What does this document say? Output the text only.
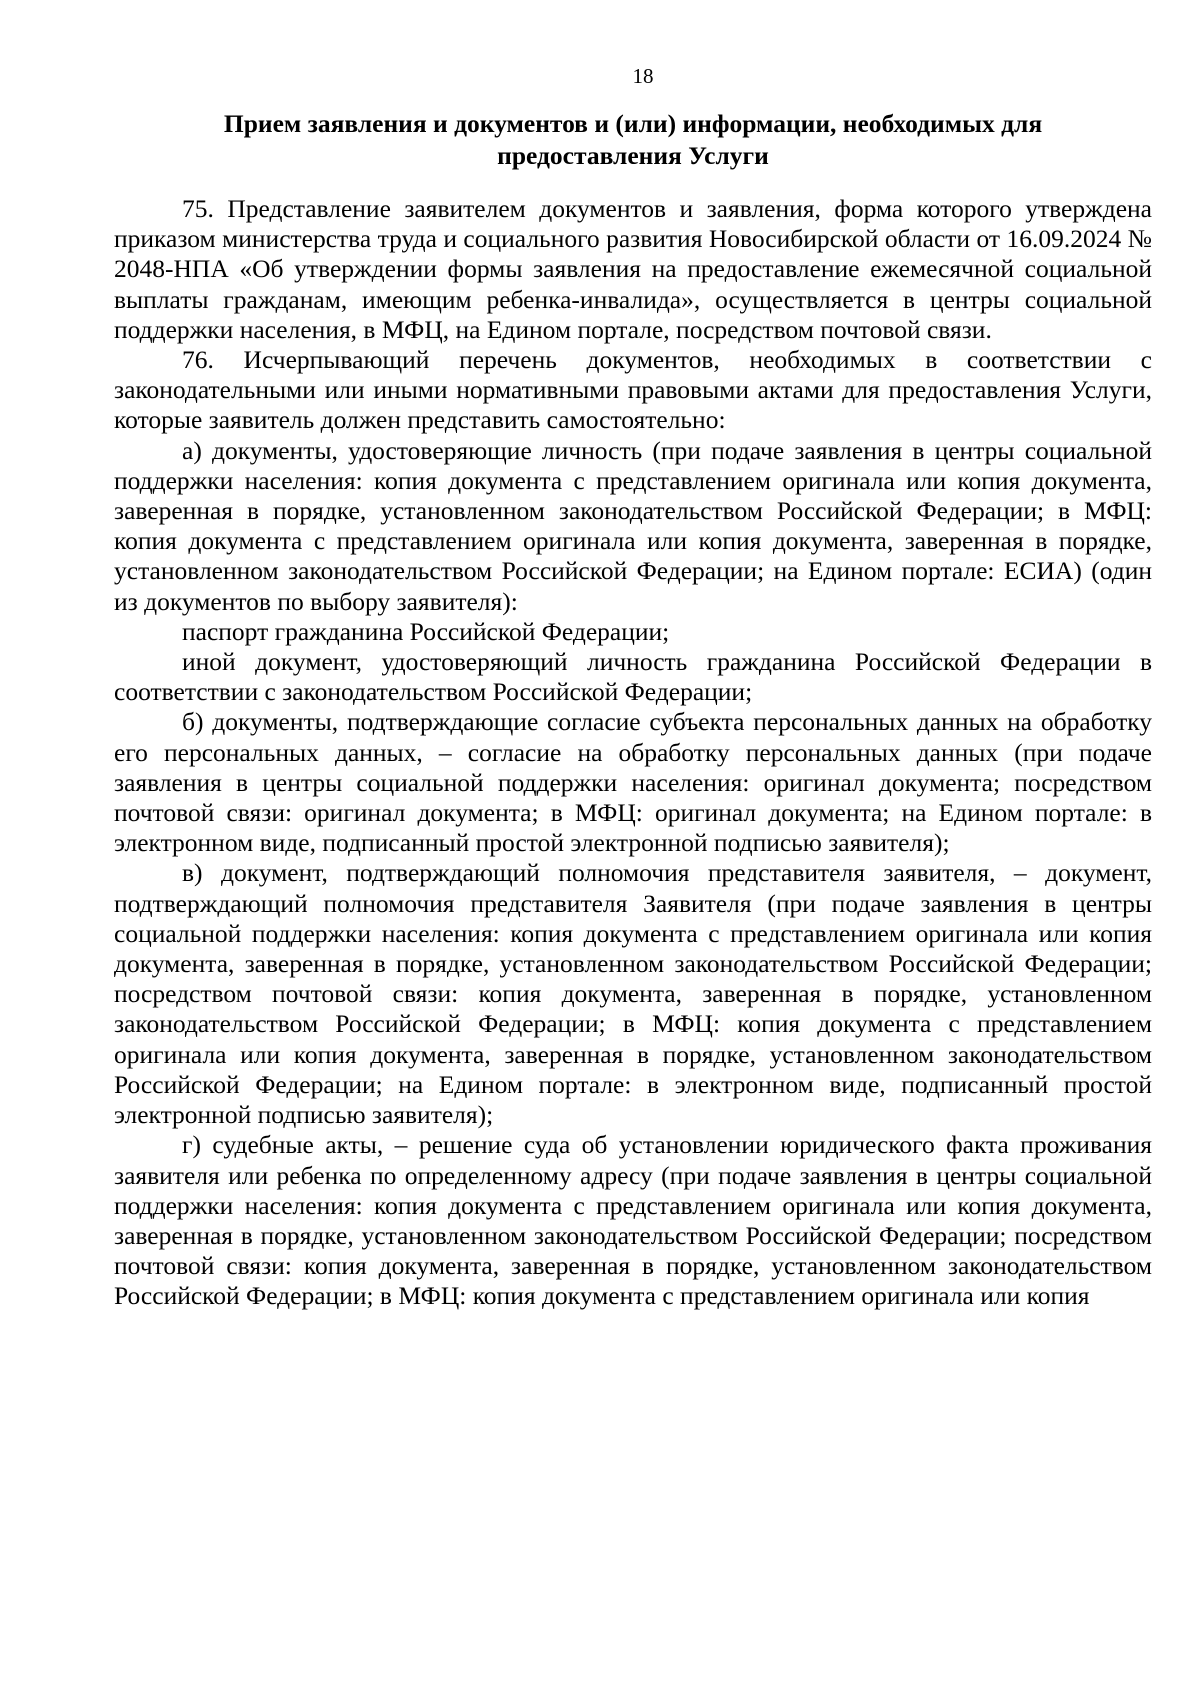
18
Прием заявления и документов и (или) информации, необходимых для
предоставления Услуги

75. Представление заявителем документов и заявления, форма которого утверждена приказом министерства труда и социального развития Новосибирской области от 16.09.2024 № 2048-НПА «Об утверждении формы заявления на предоставление ежемесячной социальной выплаты гражданам, имеющим ребенка-инвалида», осуществляется в центры социальной поддержки населения, в МФЦ, на Едином портале, посредством почтовой связи.

76. Исчерпывающий перечень документов, необходимых в соответствии с законодательными или иными нормативными правовыми актами для предоставления Услуги, которые заявитель должен представить самостоятельно:

а) документы, удостоверяющие личность (при подаче заявления в центры социальной поддержки населения: копия документа с представлением оригинала или копия документа, заверенная в порядке, установленном законодательством Российской Федерации; в МФЦ: копия документа с представлением оригинала или копия документа, заверенная в порядке, установленном законодательством Российской Федерации; на Едином портале: ЕСИА) (один из документов по выбору заявителя):

паспорт гражданина Российской Федерации;

иной документ, удостоверяющий личность гражданина Российской Федерации в соответствии с законодательством Российской Федерации;

б) документы, подтверждающие согласие субъекта персональных данных на обработку его персональных данных, – согласие на обработку персональных данных (при подаче заявления в центры социальной поддержки населения: оригинал документа; посредством почтовой связи: оригинал документа; в МФЦ: оригинал документа; на Едином портале: в электронном виде, подписанный простой электронной подписью заявителя);

в) документ, подтверждающий полномочия представителя заявителя, – документ, подтверждающий полномочия представителя Заявителя (при подаче заявления в центры социальной поддержки населения: копия документа с представлением оригинала или копия документа, заверенная в порядке, установленном законодательством Российской Федерации; посредством почтовой связи: копия документа, заверенная в порядке, установленном законодательством Российской Федерации; в МФЦ: копия документа с представлением оригинала или копия документа, заверенная в порядке, установленном законодательством Российской Федерации; на Едином портале: в электронном виде, подписанный простой электронной подписью заявителя);

г) судебные акты, – решение суда об установлении юридического факта проживания заявителя или ребенка по определенному адресу (при подаче заявления в центры социальной поддержки населения: копия документа с представлением оригинала или копия документа, заверенная в порядке, установленном законодательством Российской Федерации; посредством почтовой связи: копия документа, заверенная в порядке, установленном законодательством Российской Федерации; в МФЦ: копия документа с представлением оригинала или копия
